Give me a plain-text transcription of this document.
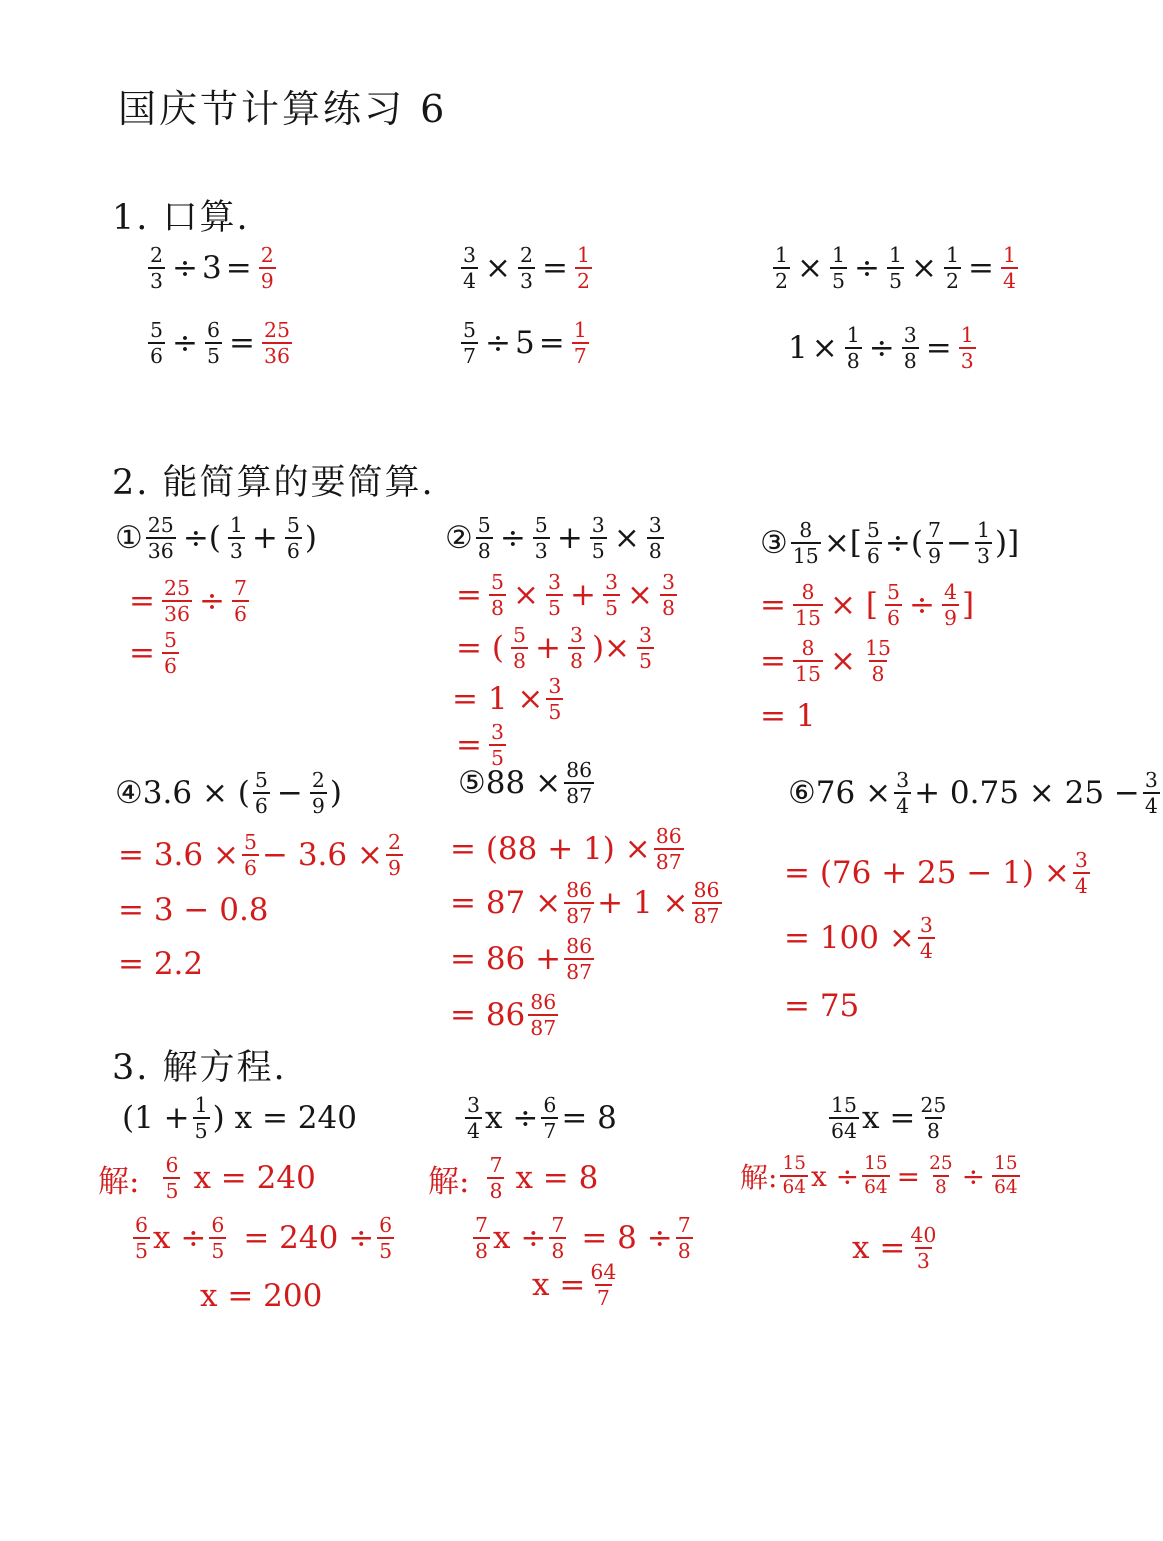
国庆节计算练习 6
1. 口算.
$\frac{2}{3} \div 3 = \frac{2}{9}$
$\frac{5}{6} \div \frac{6}{5} = \frac{25}{36}$
$\frac{3}{4} \times \frac{2}{3} = \frac{1}{2}$
$\frac{5}{7} \div 5 = \frac{1}{7}$
$\frac{1}{2} \times \frac{1}{5} \div \frac{1}{5} \times \frac{1}{2} = \frac{1}{4}$
$1 \times \frac{1}{8} \div \frac{3}{8} = \frac{1}{3}$
2. 能简算的要简算.
① $\frac{25}{36}$ ÷( $\frac{1}{3} + \frac{5}{6}$ )
= $\frac{25}{36} \div \frac{7}{6}$
= $\frac{5}{6}$
② $\frac{5}{8} \div \frac{5}{3} + \frac{3}{5} \times \frac{3}{8}$
= $\frac{5}{8} \times \frac{3}{5} + \frac{3}{5} \times \frac{3}{8}$
= ( $\frac{5}{8} + \frac{3}{8}$ )× $\frac{3}{5}$
= $1 \times \frac{3}{5}$
= $\frac{3}{5}$
③ $\frac{8}{15}$ ×[ $\frac{5}{6}$ ÷( $\frac{7}{9} - \frac{1}{3}$ )]
= $\frac{8}{15}$ × [ $\frac{5}{6} \div \frac{4}{9}$ ]
= $\frac{8}{15} \times \frac{15}{8}$
= 1
④ 3.6 × ( $\frac{5}{6} - \frac{2}{9}$ )
= $3.6 \times \frac{5}{6} - 3.6 \times \frac{2}{9}$
= 3 − 0.8
= 2.2
⑤ $88 \times \frac{86}{87}$
= $(88 + 1) \times \frac{86}{87}$
= $87 \times \frac{86}{87} + 1 \times \frac{86}{87}$
= $86 + \frac{86}{87}$
= $86 \frac{86}{87}$
⑥ $76 \times \frac{3}{4} + 0.75 \times 25 - \frac{3}{4}$
= $(76 + 25 - 1) \times \frac{3}{4}$
= $100 \times \frac{3}{4}$
= 75
3. 解方程.
($1 + \frac{1}{5}$ ) x = 240
解: $\frac{6}{5}$ x = 240
$\frac{6}{5}$ $x \div \frac{6}{5} = 240 \div \frac{6}{5}$
x = 200
$\frac{3}{4}$ $x \div \frac{6}{7} = 8$
解: $\frac{7}{8}$ x = 8
$\frac{7}{8}$ $x \div \frac{7}{8} = 8 \div \frac{7}{8}$
$x = \frac{64}{7}$
$\frac{15}{64}$ $x = \frac{25}{8}$
解: $\frac{15}{64}$ $x \div \frac{15}{64} = \frac{25}{8} \div \frac{15}{64}$
$x = \frac{40}{3}$
